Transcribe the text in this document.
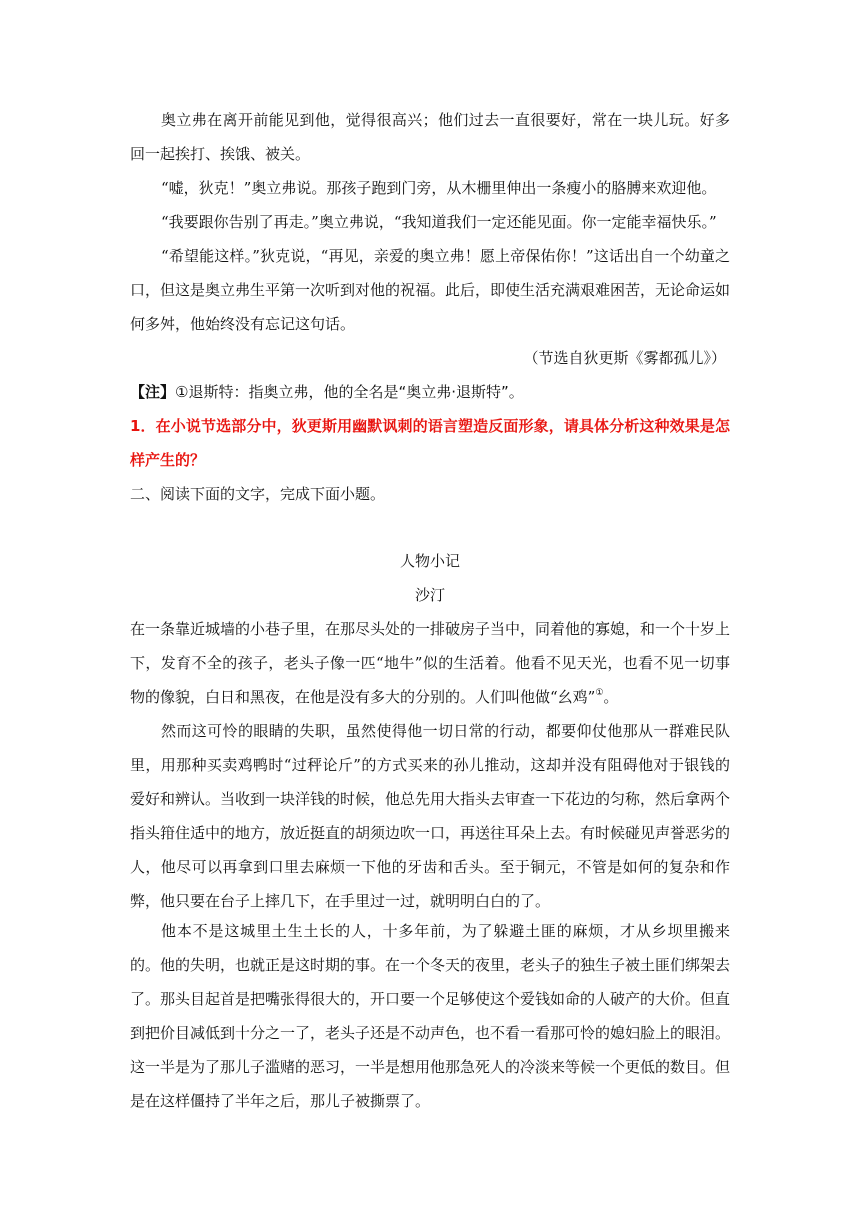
奥立弗在离开前能见到他，觉得很高兴；他们过去一直很要好，常在一块儿玩。好多回一起挨打、挨饿、被关。

“嘘，狄克！”奥立弗说。那孩子跑到门旁，从木栅里伸出一条瘦小的胳膊来欢迎他。

“我要跟你告别了再走。”奥立弗说，“我知道我们一定还能见面。你一定能幸福快乐。”

“希望能这样。”狄克说，“再见，亲爱的奥立弗！愿上帝保佑你！”这话出自一个幼童之口，但这是奥立弗生平第一次听到对他的祝福。此后，即使生活充满艰难困苦，无论命运如何多舛，他始终没有忘记这句话。

（节选自狄更斯《雾都孤儿》）

【注】①退斯特：指奥立弗，他的全名是“奥立弗·退斯特”。

1．在小说节选部分中，狄更斯用幽默讽刺的语言塑造反面形象，请具体分析这种效果是怎样产生的？

二、阅读下面的文字，完成下面小题。

人物小记

沙汀

在一条靠近城墙的小巷子里，在那尽头处的一排破房子当中，同着他的寡媳，和一个十岁上下，发育不全的孩子，老头子像一匹“地牛”似的生活着。他看不见天光，也看不见一切事物的像貌，白日和黑夜，在他是没有多大的分别的。人们叫他做“幺鸡”①。

然而这可怜的眼睛的失职，虽然使得他一切日常的行动，都要仰仗他那从一群难民队里，用那种买卖鸡鸭时“过秤论斤”的方式买来的孙儿推动，这却并没有阻碍他对于银钱的爱好和辨认。当收到一块洋钱的时候，他总先用大指头去审查一下花边的匀称，然后拿两个指头箝住适中的地方，放近挺直的胡须边吹一口，再送往耳朵上去。有时候碰见声誉恶劣的人，他尽可以再拿到口里去麻烦一下他的牙齿和舌头。至于铜元，不管是如何的复杂和作弊，他只要在台子上摔几下，在手里过一过，就明明白白的了。

他本不是这城里土生土长的人，十多年前，为了躲避土匪的麻烦，才从乡坝里搬来的。他的失明，也就正是这时期的事。在一个冬天的夜里，老头子的独生子被土匪们绑架去了。那头目起首是把嘴张得很大的，开口要一个足够使这个爱钱如命的人破产的大价。但直到把价目减低到十分之一了，老头子还是不动声色，也不看一看那可怜的媳妇脸上的眼泪。这一半是为了那儿子滥赌的恶习，一半是想用他那急死人的冷淡来等候一个更低的数目。但是在这样僵持了半年之后，那儿子被撕票了。
